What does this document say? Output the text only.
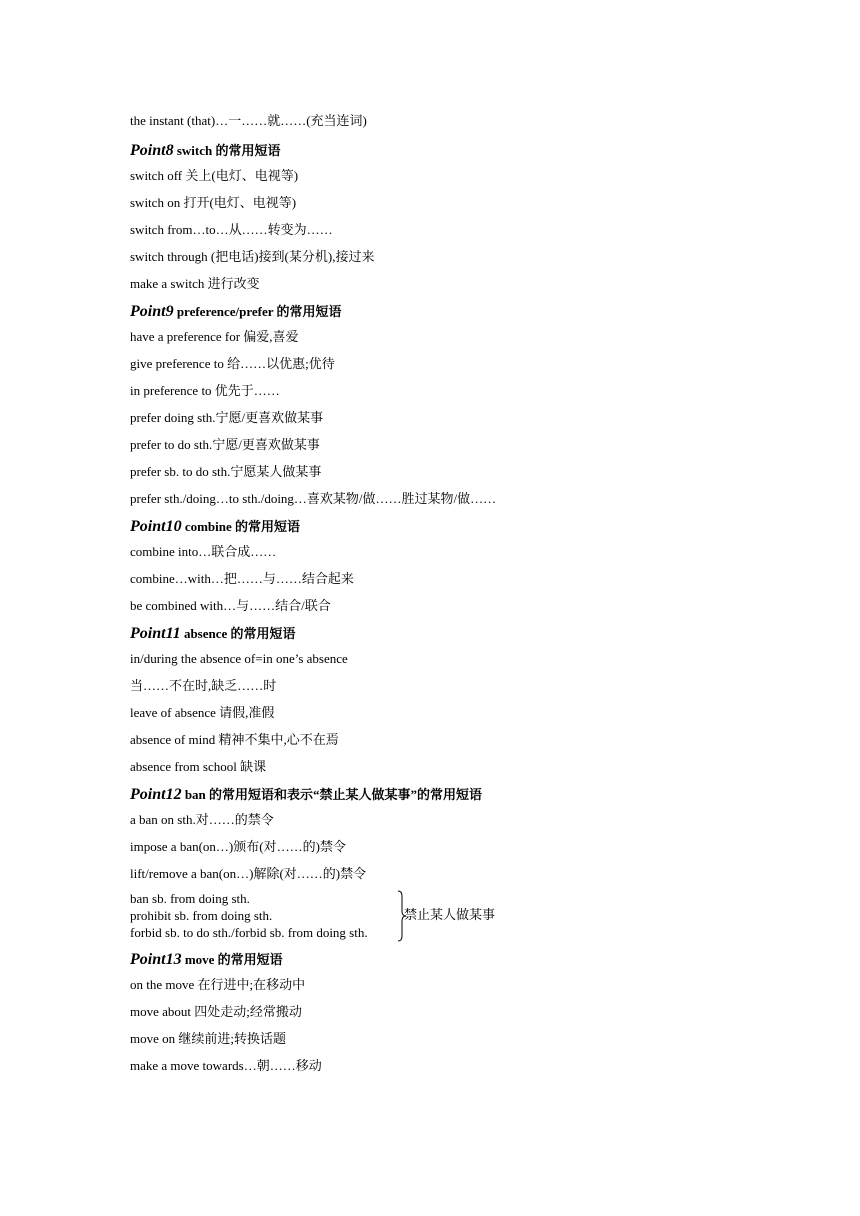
the instant (that)…一……就……(充当连词)
Point8 switch 的常用短语
switch off 关上(电灯、电视等)
switch on 打开(电灯、电视等)
switch from…to…从……转变为……
switch through (把电话)接到(某分机),接过来
make a switch 进行改变
Point9 preference/prefer 的常用短语
have a preference for 偏爱,喜爱
give preference to 给……以优惠;优待
in preference to 优先于……
prefer doing sth.宁愿/更喜欢做某事
prefer to do sth.宁愿/更喜欢做某事
prefer sb. to do sth.宁愿某人做某事
prefer sth./doing…to sth./doing…喜欢某物/做……胜过某物/做……
Point10 combine 的常用短语
combine into…联合成……
combine…with…把……与……结合起来
be combined with…与……结合/联合
Point11 absence 的常用短语
in/during the absence of=in one’s absence
当……不在时,缺乏……时
leave of absence 请假,准假
absence of mind 精神不集中,心不在焉
absence from school 缺课
Point12 ban 的常用短语和表示“禁止某人做某事”的常用短语
a ban on sth.对……的禁令
impose a ban(on…)颁布(对……的)禁令
lift/remove a ban(on…)解除(对……的)禁令
ban sb. from doing sth.
prohibit sb. from doing sth.
forbid sb. to do sth./forbid sb. from doing sth.
禁止某人做某事
Point13 move 的常用短语
on the move 在行进中;在移动中
move about 四处走动;经常搬动
move on 继续前进;转换话题
make a move towards…朝……移动
